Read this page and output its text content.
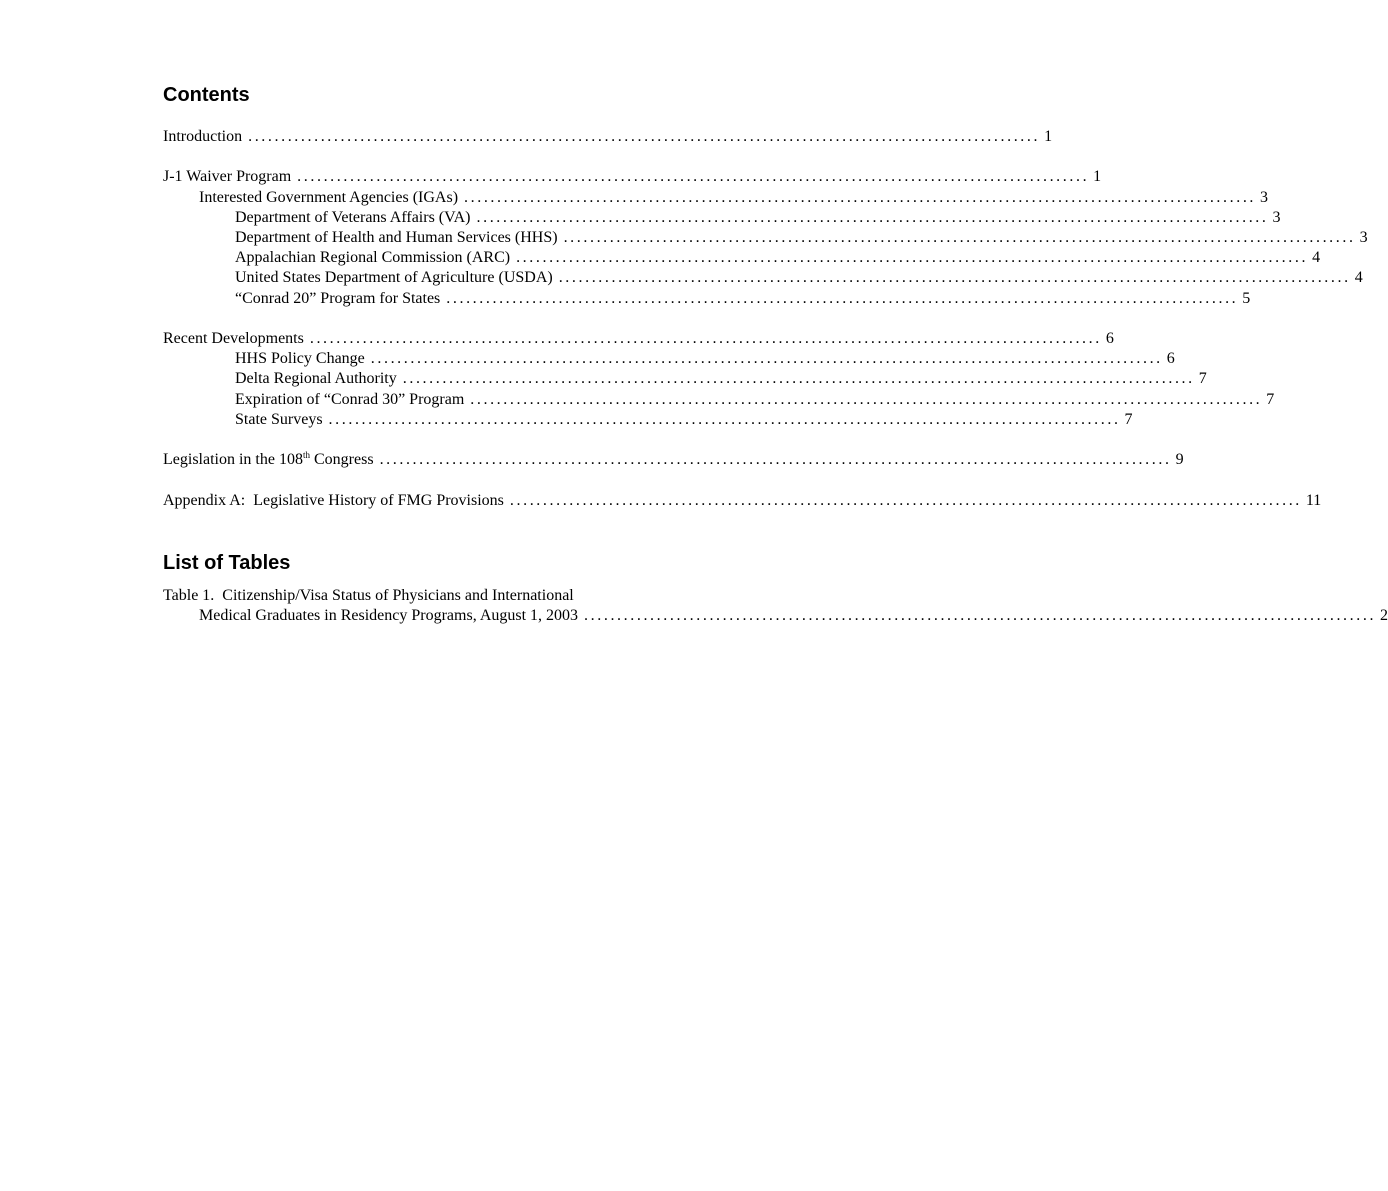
Contents
Introduction ........................................................................................................................ 1
J-1 Waiver Program ........................................................................................................................ 1
Interested Government Agencies (IGAs) ........................................................................................................................ 3
Department of Veterans Affairs (VA) ........................................................................................................................ 3
Department of Health and Human Services (HHS) ........................................................................................................................ 3
Appalachian Regional Commission (ARC) ........................................................................................................................ 4
United States Department of Agriculture (USDA) ........................................................................................................................ 4
“Conrad 20” Program for States ........................................................................................................................ 5
Recent Developments ........................................................................................................................ 6
HHS Policy Change ........................................................................................................................ 6
Delta Regional Authority ........................................................................................................................ 7
Expiration of “Conrad 30” Program ........................................................................................................................ 7
State Surveys ........................................................................................................................ 7
Legislation in the 108th Congress ........................................................................................................................ 9
Appendix A:  Legislative History of FMG Provisions ........................................................................................................................ 11
List of Tables
Table 1.  Citizenship/Visa Status of Physicians and International
Medical Graduates in Residency Programs, August 1, 2003 ........................................................................................................................ 2
